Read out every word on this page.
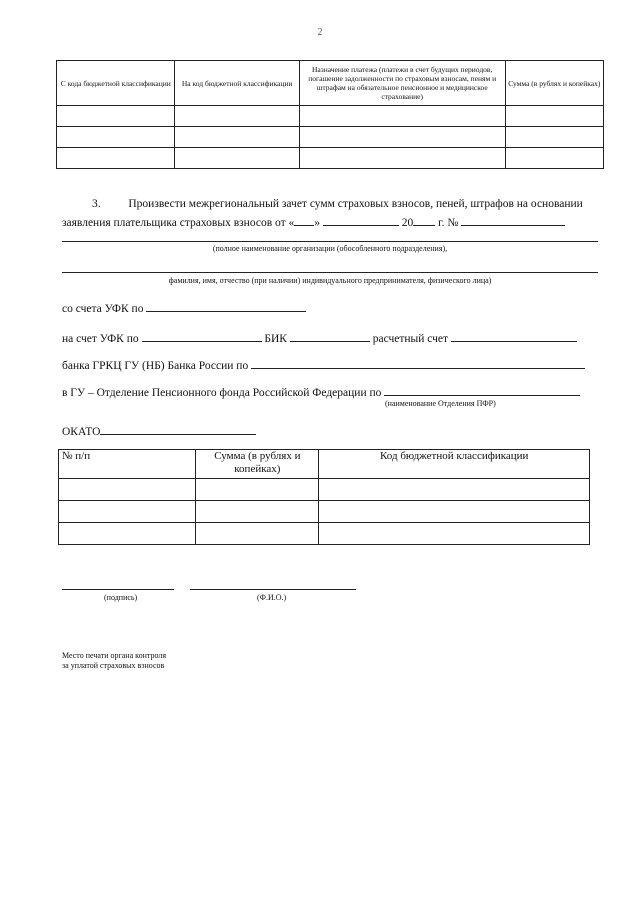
2
С кода бюджетной классификации	На код бюджетной классификации	Назначение платежа (платежи в счет будущих периодов, погашение задолженности по страховым взносам, пеням и штрафам на обязательное пенсионное и медицинское страхование)	Сумма (в рублях и копейках)

3. Произвести межрегиональный зачет сумм страховых взносов, пеней, штрафов на основании
заявления плательщика страховых взносов от « »	20 г. №
(полное наименование организации (обособленного подразделения),
фамилия, имя, отчество (при наличии) индивидуального предпринимателя, физического лица)
со счета УФК по
на счет УФК по	БИК	расчетный счет
банка ГРКЦ ГУ (НБ) Банка России по
в ГУ – Отделение Пенсионного фонда Российской Федерации по
(наименование Отделения ПФР)
ОКАТО
№ п/п	Сумма (в рублях и копейках)	Код бюджетной классификации

(подпись)	(Ф.И.О.)
Место печати органа контроля
за уплатой страховых взносов
